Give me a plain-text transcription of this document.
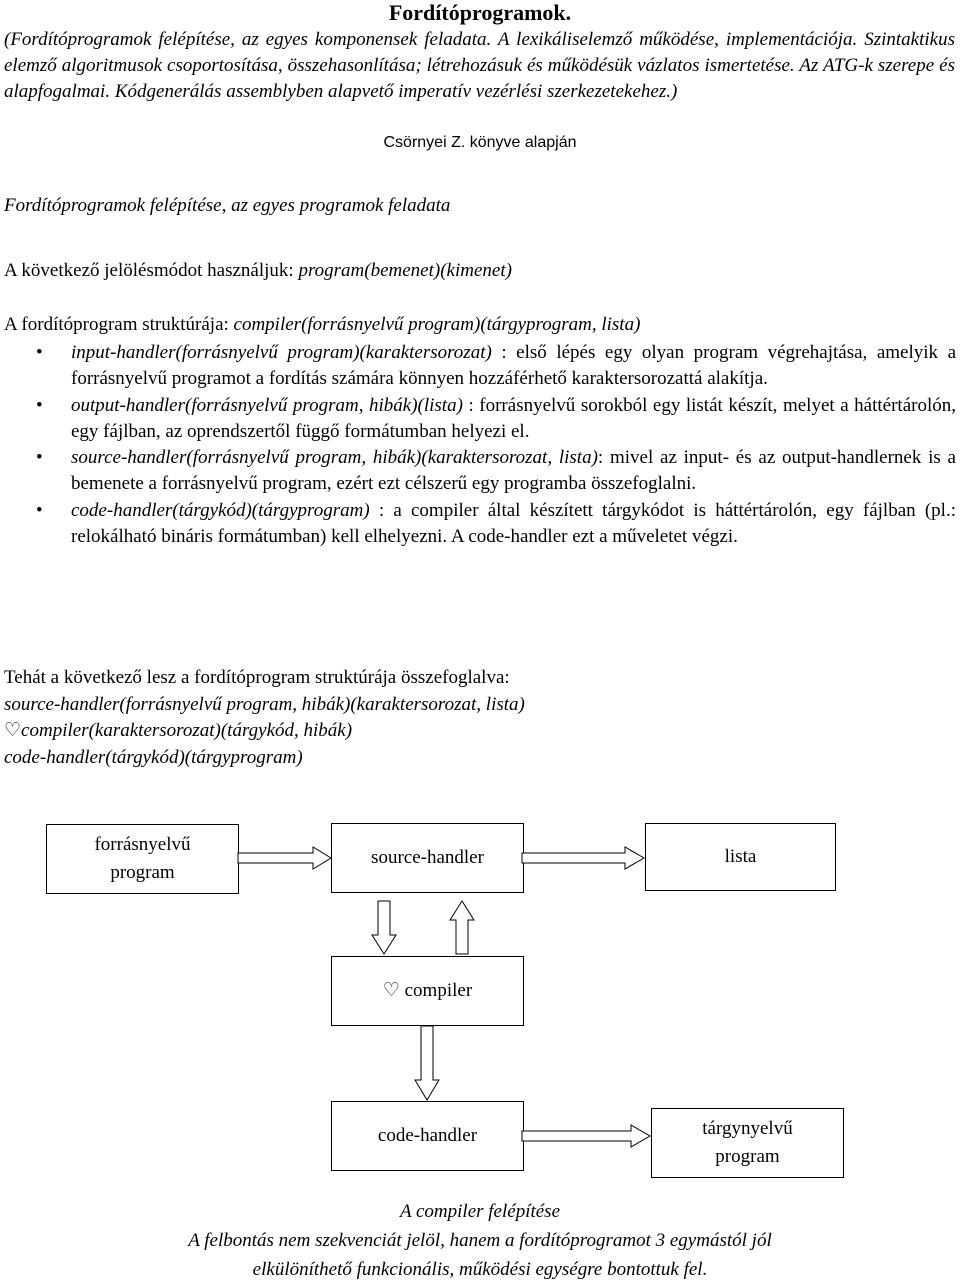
Fordítóprogramok.
(Fordítóprogramok felépítése, az egyes komponensek feladata. A lexikáliselemző működése, implementációja. Szintaktikus elemző algoritmusok csoportosítása, összehasonlítása; létrehozásuk és működésük vázlatos ismertetése. Az ATG-k szerepe és alapfogalmai. Kódgenerálás assemblyben alapvető imperatív vezérlési szerkezetekehez.)
Csörnyei Z. könyve alapján
Fordítóprogramok felépítése, az egyes programok feladata
A következő jelölésmódot használjuk: program(bemenet)(kimenet)
A fordítóprogram struktúrája: compiler(forrásnyelvű program)(tárgyprogram, lista)
• input-handler(forrásnyelvű program)(karaktersorozat) : első lépés egy olyan program végrehajtása, amelyik a forrásnyelvű programot a fordítás számára könnyen hozzáférhető karaktersorozattá alakítja.
• output-handler(forrásnyelvű program, hibák)(lista) : forrásnyelvű sorokból egy listát készít, melyet a háttértárolón, egy fájlban, az oprendszertől függő formátumban helyezi el.
• source-handler(forrásnyelvű program, hibák)(karaktersorozat, lista): mivel az input- és az output-handlernek is a bemenete a forrásnyelvű program, ezért ezt célszerű egy programba összefoglalni.
• code-handler(tárgykód)(tárgyprogram) : a compiler által készített tárgykódot is háttértárolón, egy fájlban (pl.: relokálható bináris formátumban) kell elhelyezni. A code-handler ezt a műveletet végzi.
Tehát a következő lesz a fordítóprogram struktúrája összefoglalva:
source-handler(forrásnyelvű program, hibák)(karaktersorozat, lista)
♡compiler(karaktersorozat)(tárgykód, hibák)
code-handler(tárgykód)(tárgyprogram)
forrásnyelvű
program
source-handler	lista
♡ compiler
code-handler	tárgynyelvű
program
A compiler felépítése
A felbontás nem szekvenciát jelöl, hanem a fordítóprogramot 3 egymástól jól
elkülöníthető funkcionális, működési egységre bontottuk fel.
